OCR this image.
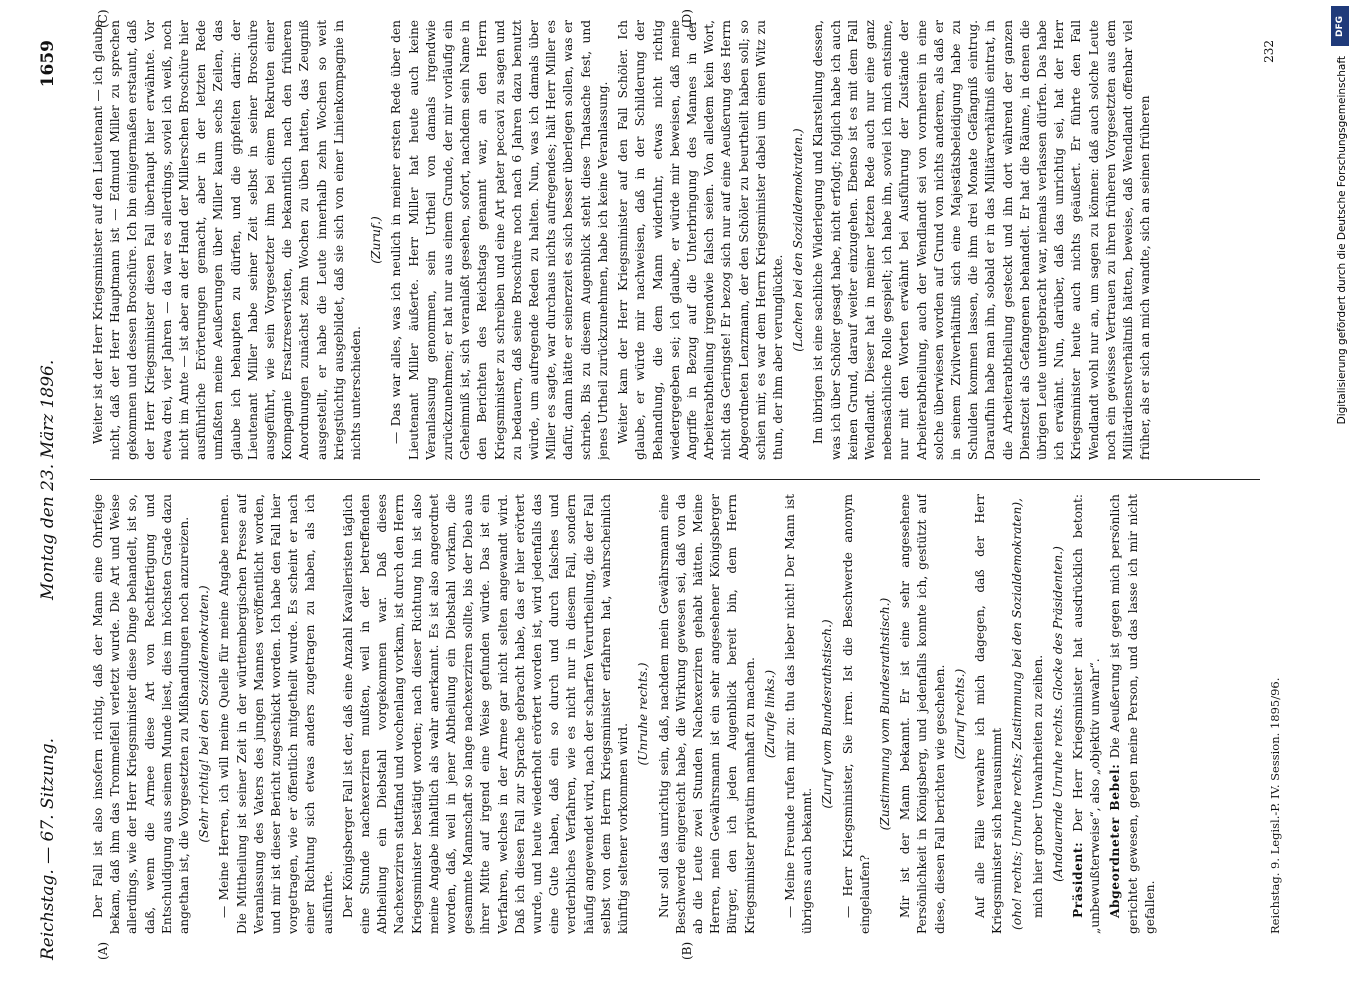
Reichstag. — 67. Sitzung.
Montag den 23. März 1896.
1659
(A)	(B)
(C)	(D)

Der Fall ist also insofern richtig, daß der Mann eine Ohrfeige bekam, daß ihm das Trommelfell verletzt wurde. Die Art und Weise allerdings, wie der Herr Kriegsminister diese Dinge behandelt, ist so, daß, wenn die Armee diese Art von Rechtfertigung und Entschuldigung aus seinem Munde liest, dies im höchsten Grade dazu angethan ist, die Vorgesetzten zu Mißhandlungen noch anzureizen. (Sehr richtig! bei den Sozialdemokraten.) — Meine Herren, ich will meine Quelle für meine Angabe nennen. Die Mittheilung ist seiner Zeit in der württembergischen Presse auf Veranlassung des Vaters des jungen Mannes veröffentlicht worden, und mir ist dieser Bericht zugeschickt worden. Ich habe den Fall hier vorgetragen, wie er öffentlich mitgetheilt wurde. Es scheint er nach einer Richtung sich etwas anders zugetragen zu haben, als ich ausführte. Der Königsberger Fall ist der, daß eine Anzahl Kavalleristen täglich eine Stunde nachexerziren mußten, weil in der betreffenden Abtheilung ein Diebstahl vorgekommen war. Daß dieses Nachexerziren stattfand und wochenlang vorkam, ist durch den Herrn Kriegsminister bestätigt worden; nach dieser Richtung hin ist also meine Angabe inhaltlich als wahr anerkannt. Es ist also angeordnet worden, daß, weil in jener Abtheilung ein Diebstahl vorkam, die gesammte Mannschaft so lange nachexerziren sollte, bis der Dieb aus ihrer Mitte auf irgend eine Weise gefunden würde. Das ist ein Verfahren, welches in der Armee gar nicht selten angewandt wird. Daß ich diesen Fall zur Sprache gebracht habe, das er hier erörtert wurde, und heute wiederholt erörtert worden ist, wird jedenfalls das eine Gute haben, daß ein so durch und durch falsches und verderbliches Verfahren, wie es nicht nur in diesem Fall, sondern häufig angewendet wird, nach der scharfen Verurtheilung, die der Fall selbst von dem Herrn Kriegsminister erfahren hat, wahrscheinlich künftig seltener vorkommen wird.

(Unruhe rechts.) Nur soll das unrichtig sein, daß, nachdem mein Gewährsmann eine Beschwerde eingereicht habe, die Wirkung gewesen sei, daß von da ab die Leute zwei Stunden Nachexerziren gehabt hätten. Meine Herren, mein Gewährsmann ist ein sehr angesehener Königsberger Bürger, den ich jeden Augenblick bereit bin, dem Herrn Kriegsminister privatim namhaft zu machen. (Zurufe links.) — Meine Freunde rufen mir zu: thu das lieber nicht! Der Mann ist übrigens auch bekannt.

(Zuruf vom Bundesrathstisch.) — Herr Kriegsminister, Sie irren. Ist die Beschwerde anonym eingelaufen?

(Zustimmung vom Bundesrathstisch.) Mir ist der Mann bekannt. Er ist eine sehr angesehene Persönlichkeit in Königsberg, und jedenfalls konnte ich, gestützt auf diese, diesen Fall berichten wie geschehen. (Zuruf rechts.) Auf alle Fälle verwahre ich mich dagegen, daß der Herr Kriegsminister sich herausnimmt (oho! rechts; Unruhe rechts; Zustimmung bei den Sozialdemokraten), mich hier grober Unwahrheiten zu zeihen. (Andauernde Unruhe rechts. Glocke des Präsidenten.) Präsident: Der Herr Kriegsminister hat ausdrücklich betont: „unbewußterweise“, also „objektiv unwahr“. Abgeordneter Bebel: Die Aeußerung ist gegen mich persönlich gerichtet gewesen, gegen meine Person, und das lasse ich mir nicht gefallen.

Weiter ist der Herr Kriegsminister auf den Lieutenant — ich glaube nicht, daß der Herr Hauptmann ist — Edmund Miller zu sprechen gekommen und dessen Broschüre. Ich bin einigermaßen erstaunt, daß der Herr Kriegsminister diesen Fall überhaupt hier erwähnte. Vor etwa drei, vier Jahren — da war es allerdings, soviel ich weiß, noch nicht im Amte — ist aber an der Hand der Millerschen Broschüre hier ausführliche Erörterungen gemacht, aber in der letzten Rede umfaßten meine Aeußerungen über Miller kaum sechs Zeilen, das glaube ich behaupten zu dürfen, und die gipfelten darin: der Lieutenant Miller habe seiner Zeit selbst in seiner Broschüre ausgeführt, wie sein Vorgesetzter ihm bei einem Rekruten einer Kompagnie Ersatzreservisten, die bekanntlich nach den früheren Anordnungen zunächst zehn Wochen zu üben hatten, das Zeugniß ausgestellt, er habe die Leute innerhalb zehn Wochen so weit kriegstüchtig ausgebildet, daß sie sich von einer Linienkompagnie in nichts unterschieden.

(Zuruf.) — Das war alles, was ich neulich in meiner ersten Rede über den Lieutenant Miller äußerte. Herr Miller hat heute auch keine Veranlassung genommen, sein Urtheil von damals irgendwie zurückzunehmen; er hat nur aus einem Grunde, der mir vorläufig ein Geheimniß ist, sich veranlaßt gesehen, sofort, nachdem sein Name in den Berichten des Reichstags genannt war, an den Herrn Kriegsminister zu schreiben und eine Art pater peccavi zu sagen und zu bedauern, daß seine Broschüre noch nach 6 Jahren dazu benutzt würde, um aufregende Reden zu halten. Nun, was ich damals über Miller es sagte, war durchaus nichts aufregendes; hält Herr Miller es dafür, dann hätte er seinerzeit es sich besser überlegen sollen, was er schrieb. Bis zu diesem Augenblick steht diese Thatsache fest, und jenes Urtheil zurückzunehmen, habe ich keine Veranlassung. Weiter kam der Herr Kriegsminister auf den Fall Schöler. Ich glaube, er würde mir nachweisen, daß in der Schilderung der Behandlung, die dem Mann widerfuhr, etwas nicht richtig wiedergegeben sei; ich glaube, er würde mir beweisen, daß meine Angriffe in Bezug auf die Unterbringung des Mannes in der Arbeiterabtheilung irgendwie falsch seien. Von alledem kein Wort, nicht das Geringste! Er bezog sich nur auf eine Aeußerung des Herrn Abgeordneten Lenzmann, der den Schöler zu beurtheilt haben soll; so schien mir, es war dem Herrn Kriegsminister dabei um einen Witz zu thun, der ihm aber verunglückte.

(Lachen bei den Sozialdemokraten.) Im übrigen ist eine sachliche Widerlegung und Klarstellung dessen, was ich über Schöler gesagt habe, nicht erfolgt; folglich habe ich auch keinen Grund, darauf weiter einzugehen. Ebenso ist es mit dem Fall Wendlandt. Dieser hat in meiner letzten Rede auch nur eine ganz nebensächliche Rolle gespielt; ich habe ihn, soviel ich mich entsinne, nur mit den Worten erwähnt bei Ausführung der Zustände der Arbeiterabtheilung, auch der Wendlandt sei von vornherein in eine solche überwiesen worden auf Grund von nichts anderem, als daß er in seinem Zivilverhältniß sich eine Majestätsbeleidigung habe zu Schulden kommen lassen, die ihm drei Monate Gefängniß eintrug. Daraufhin habe man ihn, sobald er in das Militärverhältniß eintrat, in die Arbeiterabtheilung gesteckt und ihn dort während der ganzen Dienstzeit als Gefangenen behandelt. Er hat die Räume, in denen die übrigen Leute untergebracht war, niemals verlassen dürfen. Das habe ich erwähnt. Nun, darüber, daß das unrichtig sei, hat der Herr Kriegsminister heute auch nichts geäußert. Er führte den Fall Wendlandt wohl nur an, um sagen zu können: daß auch solche Leute noch ein gewisses Vertrauen zu ihren früheren Vorgesetzten aus dem Militärdienstverhältniß hätten, beweise, daß Wendlandt offenbar viel früher, als er sich an mich wandte, sich an seinen früheren

Reichstag. 9. Legisl.-P. IV. Session. 1895/96.
232
DFG
Digitalisierung gefördert durch die Deutsche Forschungsgemeinschaft
